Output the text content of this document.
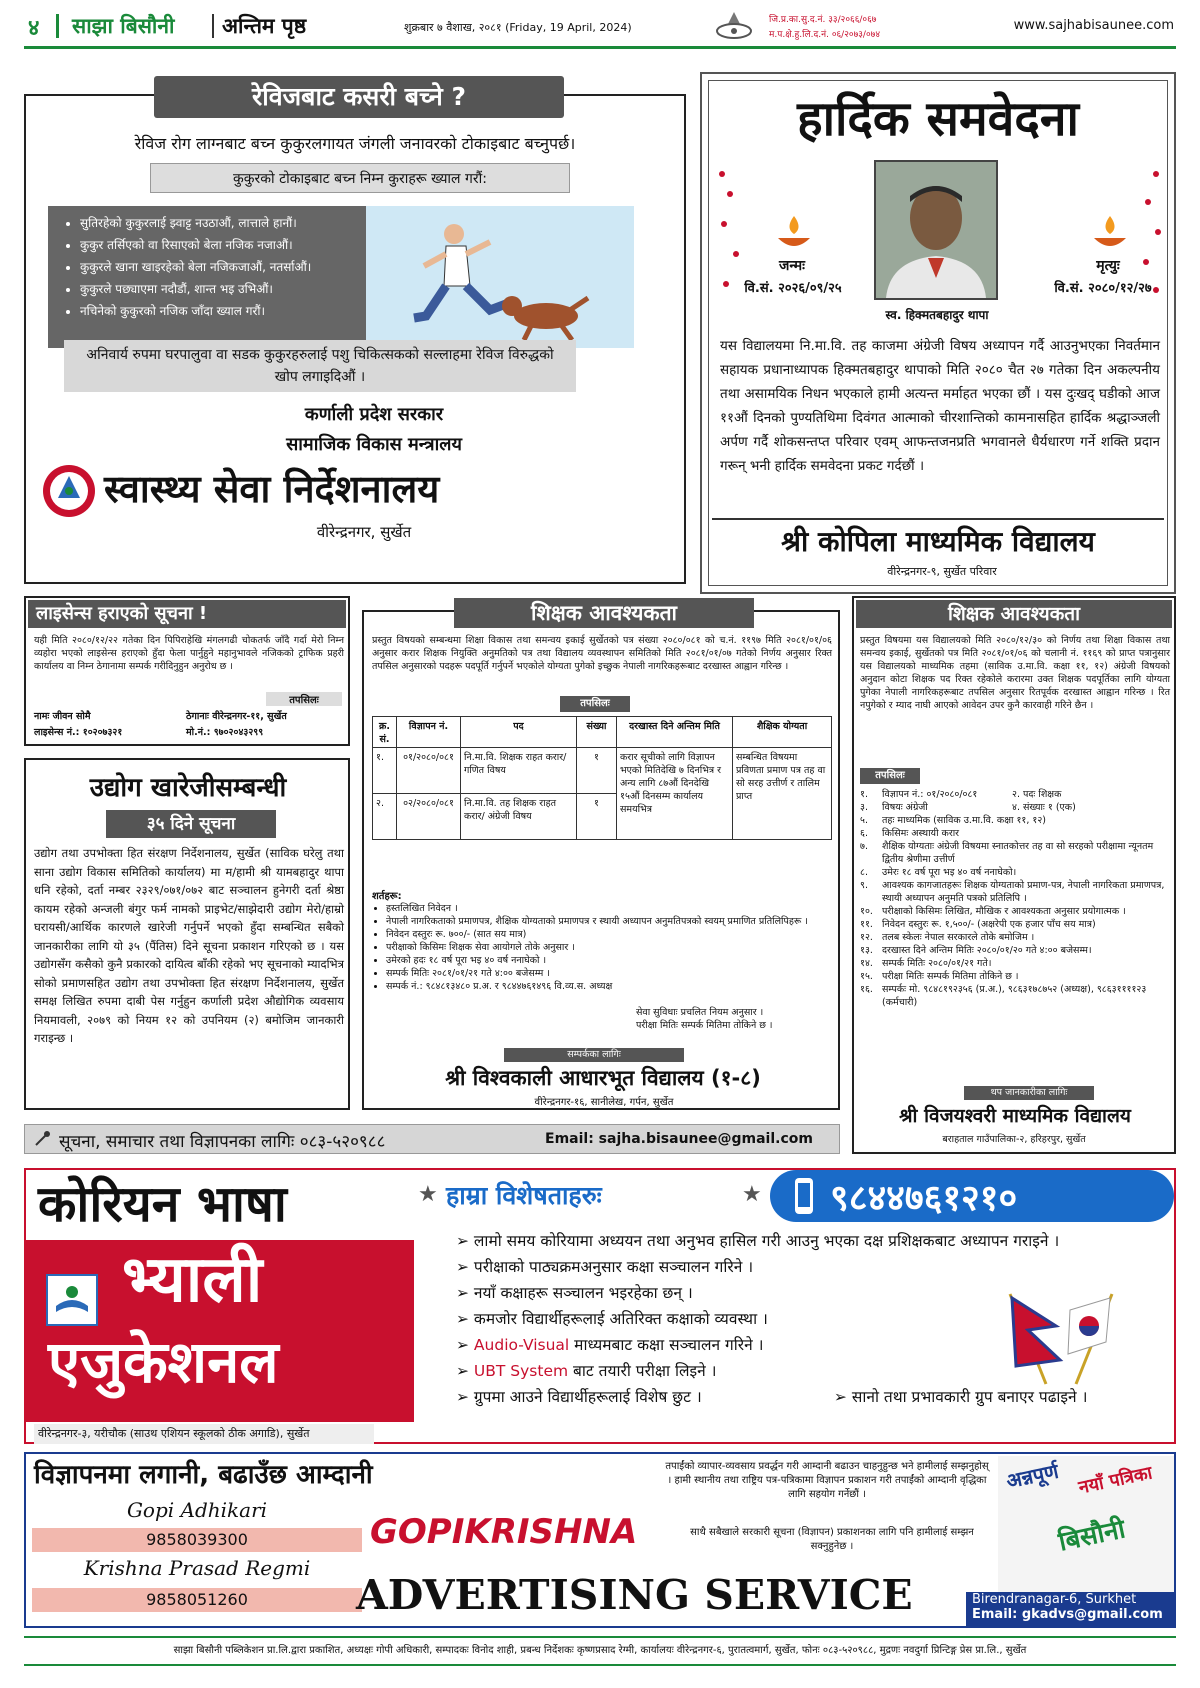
४ साझा बिसौनी अन्तिम पृष्ठ	शुक्रबार ७ वैशाख, २०८१ (Friday, 19 April, 2024)
जि.प्र.का.सु.द.नं. ३३/२०६६/०६७
म.प.क्षे.हु.लि.द.नं. ०६/२०७३/०७४
www.sajhabisaunee.com
रेविजबाट कसरी बच्ने ?
रेविज रोग लाग्नबाट बच्न कुकुरलगायत जंगली जनावरको टोकाइबाट बच्नुपर्छ।
कुकुरको टोकाइबाट बच्न निम्न कुराहरू ख्याल गरौं:
• सुतिरहेको कुकुरलाई झ्वाट्ट नउठाऔं, लात्ताले हानौं।
• कुकुर तर्सिएको वा रिसाएको बेला नजिक नजाऔं।
• कुकुरले खाना खाइरहेको बेला नजिकजाऔं, नतर्साऔं।
• कुकुरले पछ्याएमा नदौडौं, शान्त भइ उभिऔं।
• नचिनेको कुकुरको नजिक जाँदा ख्याल गरौं।
अनिवार्य रुपमा घरपालुवा वा सडक कुकुरहरुलाई पशु चिकित्सकको सल्लाहमा रेविज विरुद्धको खोप लगाइदिऔं ।
कर्णाली प्रदेश सरकार
सामाजिक विकास मन्त्रालय
स्वास्थ्य सेवा निर्देशनालय
वीरेन्द्रनगर, सुर्खेत
हार्दिक समवेदना
जन्मः
वि.सं. २०२६/०९/२५
मृत्युः
वि.सं. २०८०/१२/२७
स्व. हिक्मतबहादुर थापा
यस विद्यालयमा नि.मा.वि. तह काजमा अंग्रेजी विषय अध्यापन गर्दै आउनुभएका निवर्तमान सहायक प्रधानाध्यापक हिक्मतबहादुर थापाको मिति २०८० चैत २७ गतेका दिन अकल्पनीय तथा असामयिक निधन भएकाले हामी अत्यन्त मर्माहत भएका छौं । यस दुःखद् घडीको आज ११औं दिनको पुण्यतिथिमा दिवंगत आत्माको चीरशान्तिको कामनासहित हार्दिक श्रद्धाञ्जली अर्पण गर्दै शोकसन्तप्त परिवार एवम् आफन्तजनप्रति भगवानले धैर्यधारण गर्ने शक्ति प्रदान गरून् भनी हार्दिक समवेदना प्रकट गर्दछौं ।
श्री कोपिला माध्यमिक विद्यालय
वीरेन्द्रनगर-९, सुर्खेत परिवार
लाइसेन्स हराएको सूचना !
यही मिति २०८०/१२/२२ गतेका दिन पिपिराहेखि मंगलगढी चोकतर्फ जाँदै गर्दा मेरो निम्न व्यहोरा भएको लाइसेन्स हराएको हुँदा फेला पार्नुहुने महानुभावले नजिकको ट्राफिक प्रहरी कार्यालय वा निम्न ठेगानामा सम्पर्क गरीदिनुहुन अनुरोध छ ।
तपसिलः
नामः जीवन सोमै	ठेगानाः वीरेन्द्रनगर-११, सुर्खेत
लाइसेन्स नं.: १०२०७३२१	मो.नं.: ९७०२०४३२९९
उद्योग खारेजीसम्बन्धी
३५ दिने सूचना
उद्योग तथा उपभोक्ता हित संरक्षण निर्देशनालय, सुर्खेत (साविक घरेलु तथा साना उद्योग विकास समितिको कार्यालय) मा म/हामी श्री यामबहादुर थापा धनि रहेको, दर्ता नम्बर २३२९/०७१/०७२ बाट सञ्चालन हुनेगरी दर्ता श्रेष्ठा कायम रहेको अन्जली बंगुर फर्म नामको प्राइभेट/साझेदारी उद्योग मेरो/हाम्रो घरायसी/आर्थिक कारणले खारेजी गर्नुपर्ने भएको हुँदा सम्बन्धित सबैको जानकारीका लागि यो ३५ (पैंतिस) दिने सूचना प्रकाशन गरिएको छ । यस उद्योगसँग कसैको कुनै प्रकारको दायित्व बाँकी रहेको भए सूचनाको म्यादभित्र सोको प्रमाणसहित उद्योग तथा उपभोक्ता हित संरक्षण निर्देशनालय, सुर्खेत समक्ष लिखित रुपमा दाबी पेस गर्नुहुन कर्णाली प्रदेश औद्योगिक व्यवसाय नियमावली, २०७९ को नियम १२ को उपनियम (२) बमोजिम जानकारी गराइन्छ ।
शिक्षक आवश्यकता
प्रस्तुत विषयको सम्बन्धमा शिक्षा विकास तथा समन्वय इकाई सुर्खेतको पत्र संख्या २०८०/०८१ को च.नं. ११९७ मिति २०८१/०१/०६ अनुसार करार शिक्षक नियुक्ति अनुमतिको पत्र तथा विद्यालय व्यवस्थापन समितिको मिति २०८१/०१/०७ गतेको निर्णय अनुसार रिक्त तपसिल अनुसारको पदहरू पदपूर्ति गर्नुपर्ने भएकोले योग्यता पुगेको इच्छुक नेपाली नागरिकहरूबाट दरखास्त आह्वान गरिन्छ ।
तपसिलः
क्र. सं.	विज्ञापन नं.	पद	संख्या	दरखास्त दिने अन्तिम मिति	शैक्षिक योग्यता
१.	०१/२०८०/०८१	नि.मा.वि. शिक्षक राहत करार/ गणित विषय	१	करार सूचीको लागि विज्ञापन भएको मितिदेखि ७ दिनभित्र र अन्य लागि ८७औं दिनदेखि १५औं दिनसम्म कार्यालय समयभित्र	सम्बन्धित विषयमा प्रविणता प्रमाण पत्र तह वा सो सरह उत्तीर्ण र तालिम प्राप्त
२.	०२/२०८०/०८१	नि.मा.वि. तह शिक्षक राहत करार/ अंग्रेजी विषय	१		
शर्तहरू:
• हस्तलिखित निवेदन ।
• नेपाली नागरिकताको प्रमाणपत्र, शैक्षिक योग्यताको प्रमाणपत्र र स्थायी अध्यापन अनुमतिपत्रको स्वयम् प्रमाणित प्रतिलिपिहरू ।
• निवेदन दस्तुरः रू. ७००/- (सात सय मात्र)
• परीक्षाको किसिमः शिक्षक सेवा आयोगले तोके अनुसार ।
• उमेरको हदः १८ वर्ष पूरा भइ ४० वर्ष ननाघेको ।
• सम्पर्क मितिः २०८१/०१/२१ गते ४:०० बजेसम्म ।
• सम्पर्क नं.: ९८४८१३४८० प्र.अ. र ९८४४७६१४९६ वि.व्य.स. अध्यक्ष
सेवा सुविधाः प्रचलित नियम अनुसार ।
परीक्षा मितिः सम्पर्क मितिमा तोकिने छ ।
सम्पर्कका लागिः
श्री विश्वकाली आधारभूत विद्यालय (१-८)
वीरेन्द्रनगर-१६, सानीलेख, गर्पन, सुर्खेत
शिक्षक आवश्यकता
प्रस्तुत विषयमा यस विद्यालयको मिति २०८०/१२/३० को निर्णय तथा शिक्षा विकास तथा समन्वय इकाई, सुर्खेतको पत्र मिति २०८१/०१/०६ को चलानी नं. ११६९ को प्राप्त पत्रानुसार यस विद्यालयको माध्यमिक तहमा (साविक उ.मा.वि. कक्षा ११, १२) अंग्रेजी विषयको अनुदान कोटा शिक्षक पद रिक्त रहेकोले करारमा उक्त शिक्षक पदपूर्तिका लागि योग्यता पुगेका नेपाली नागरिकहरूबाट तपसिल अनुसार रितपूर्वक दरखास्त आह्वान गरिन्छ । रित नपुगेको र म्याद नाघी आएको आवेदन उपर कुनै कारवाही गरिने छैन ।
तपसिलः
१.	विज्ञापन नं.: ०१/२०८०/०८१	२. पदः शिक्षक
३.	विषयः अंग्रेजी	४. संख्याः १ (एक)
५.	तहः माध्यमिक (साविक उ.मा.वि. कक्षा ११, १२)
६.	किसिमः अस्थायी करार
७.	शैक्षिक योग्यताः अंग्रेजी विषयमा स्नातकोत्तर तह वा सो सरहको परीक्षामा न्यूनतम द्वितीय श्रेणीमा उत्तीर्ण
८.	उमेरः १८ वर्ष पूरा भइ ४० वर्ष ननाघेको।
९.	आवश्यक कागजातहरूः शिक्षक योग्यताको प्रमाण-पत्र, नेपाली नागरिकता प्रमाणपत्र, स्थायी अध्यापन अनुमति पत्रको प्रतिलिपि ।
१०. परीक्षाको किसिमः लिखित, मौखिक र आवश्यकता अनुसार प्रयोगात्मक ।
११. निवेदन दस्तुरः रू. १,५००/- (अक्षरेपी एक हजार पाँच सय मात्र)
१२. तलब स्केलः नेपाल सरकारले तोके बमोजिम ।
१३. दरखास्त दिने अन्तिम मितिः २०८०/०१/२० गते ४:०० बजेसम्म।
१४. सम्पर्क मितिः २०८०/०१/२१ गते।
१५. परीक्षा मितिः सम्पर्क मितिमा तोकिने छ ।
१६. सम्पर्कः मो. ९८४८१९२३५६ (प्र.अ.), ९८६३१७८७५२ (अध्यक्ष), ९८६३११११२३ (कर्मचारी)
थप जानकारीका लागिः
श्री विजयश्वरी माध्यमिक विद्यालय
बराहताल गाउँपालिका-२, हरिहरपुर, सुर्खेत
सूचना, समाचार तथा विज्ञापनका लागिः ०८३-५२०९८८	Email: sajha.bisaunee@gmail.com
कोरियन भाषा
भ्याली
एजुकेशनल
वीरेन्द्रनगर-३, यरीचौक (साउथ एशियन स्कूलको ठीक अगाडि), सुर्खेत
★ हाम्रा विशेषताहरुः	★ ९८४४७६१२१०
➢ लामो समय कोरियामा अध्ययन तथा अनुभव हासिल गरी आउनु भएका दक्ष प्रशिक्षकबाट अध्यापन गराइने ।
➢ परीक्षाको पाठ्यक्रमअनुसार कक्षा सञ्चालन गरिने ।
➢ नयाँ कक्षाहरू सञ्चालन भइरहेका छन् ।
➢ कमजोर विद्यार्थीहरूलाई अतिरिक्त कक्षाको व्यवस्था ।
➢ Audio-Visual माध्यमबाट कक्षा सञ्चालन गरिने ।
➢ UBT System बाट तयारी परीक्षा लिइने ।
➢ ग्रुपमा आउने विद्यार्थीहरूलाई विशेष छुट ।	➢ सानो तथा प्रभावकारी ग्रुप बनाएर पढाइने ।
विज्ञापनमा लगानी, बढाउँछ आम्दानी
Gopi Adhikari
9858039300
Krishna Prasad Regmi
9858051260
GOPIKRISHNA
ADVERTISING SERVICE
तपाईंको व्यापार-व्यवसाय प्रवर्द्धन गरी आम्दानी बढाउन चाहनुहुन्छ भने हामीलाई सम्झनुहोस् । हामी स्थानीय तथा राष्ट्रिय पत्र-पत्रिकामा विज्ञापन प्रकाशन गरी तपाईंको आम्दानी वृद्धिका लागि सहयोग गर्नेछौं ।
साथै सबैखाले सरकारी सूचना (विज्ञापन) प्रकाशनका लागि पनि हामीलाई सम्झन सक्नुहुनेछ ।
अन्नपूर्ण नयाँ पत्रिका
बिसौनी
Birendranagar-6, Surkhet
Email: gkadvs@gmail.com
साझा बिसौनी पब्लिकेशन प्रा.लि.द्वारा प्रकाशित, अध्यक्षः गोपी अधिकारी, सम्पादकः विनोद शाही, प्रबन्ध निर्देशकः कृष्णप्रसाद रेग्मी, कार्यालयः वीरेन्द्रनगर-६, पुरातत्वमार्ग, सुर्खेत, फोनः ०८३-५२०९८८, मुद्रणः नवदुर्गा प्रिन्टिङ्ग प्रेस प्रा.लि., सुर्खेत
